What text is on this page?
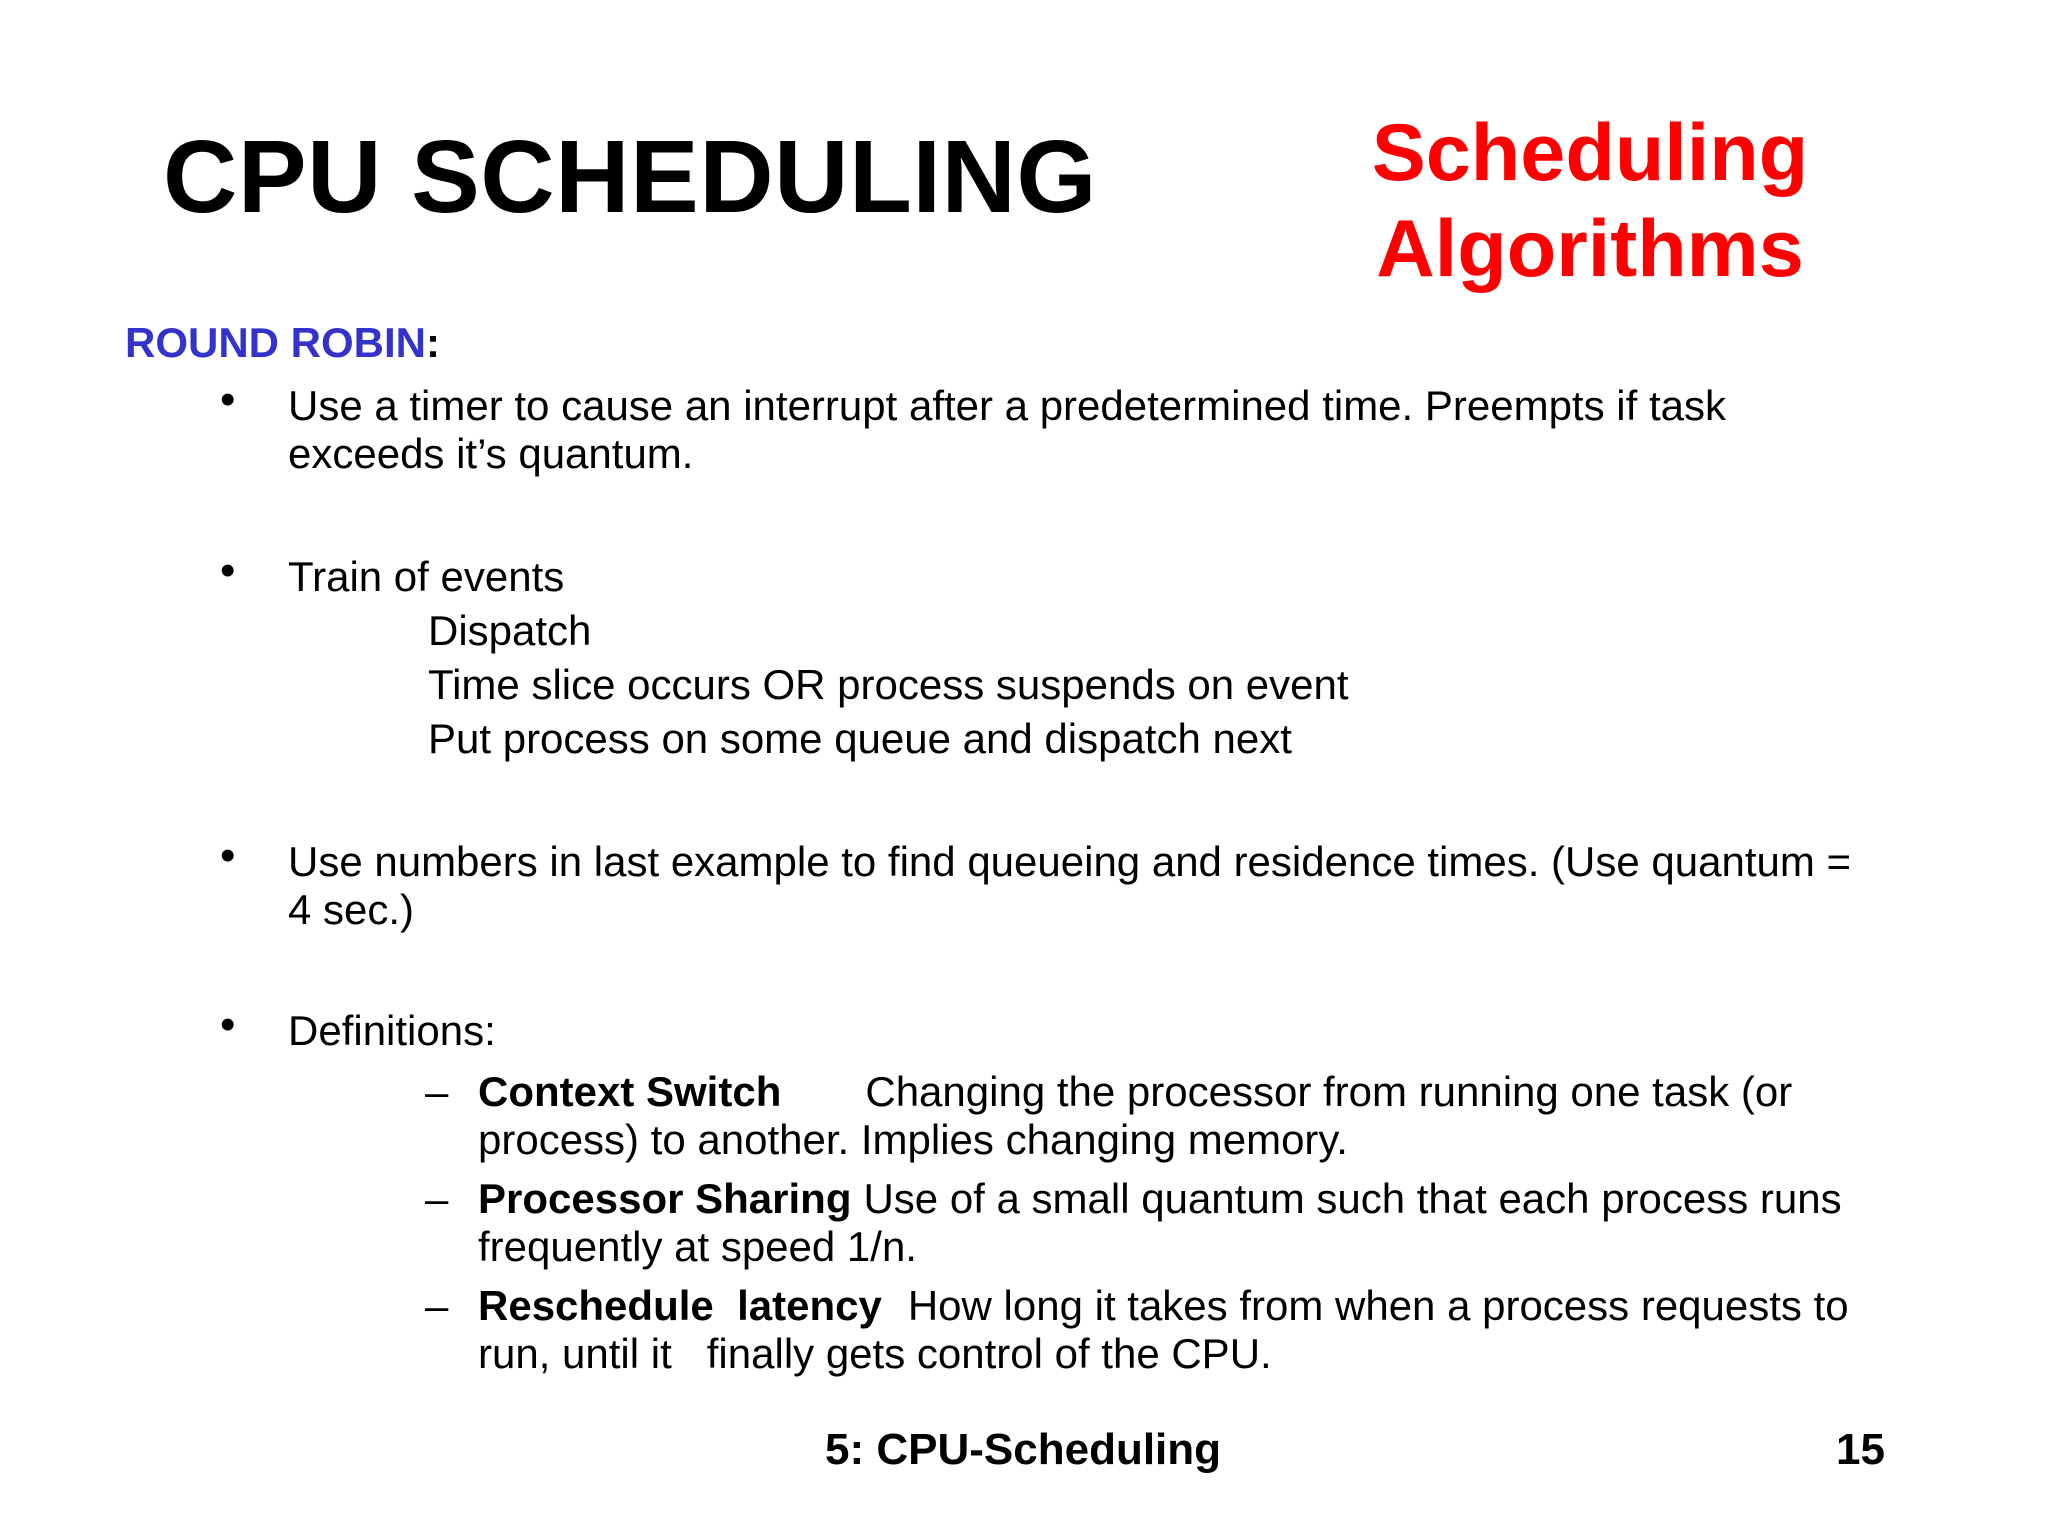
CPU SCHEDULING	Scheduling
Algorithms
ROUND ROBIN:
• Use a timer to cause an interrupt after a predetermined time. Preempts if task
exceeds it’s quantum.
• Train of events
Dispatch
Time slice occurs OR process suspends on event
Put process on some queue and dispatch next
• Use numbers in last example to find queueing and residence times. (Use quantum =
4 sec.)
• Definitions:
– Context Switch Changing the processor from running one task (or
process) to another. Implies changing memory.
– Processor Sharing Use of a small quantum such that each process runs
frequently at speed 1/n.
– Reschedule  latency How long it takes from when a process requests to
run, until it   finally gets control of the CPU.
5: CPU-Scheduling	15
